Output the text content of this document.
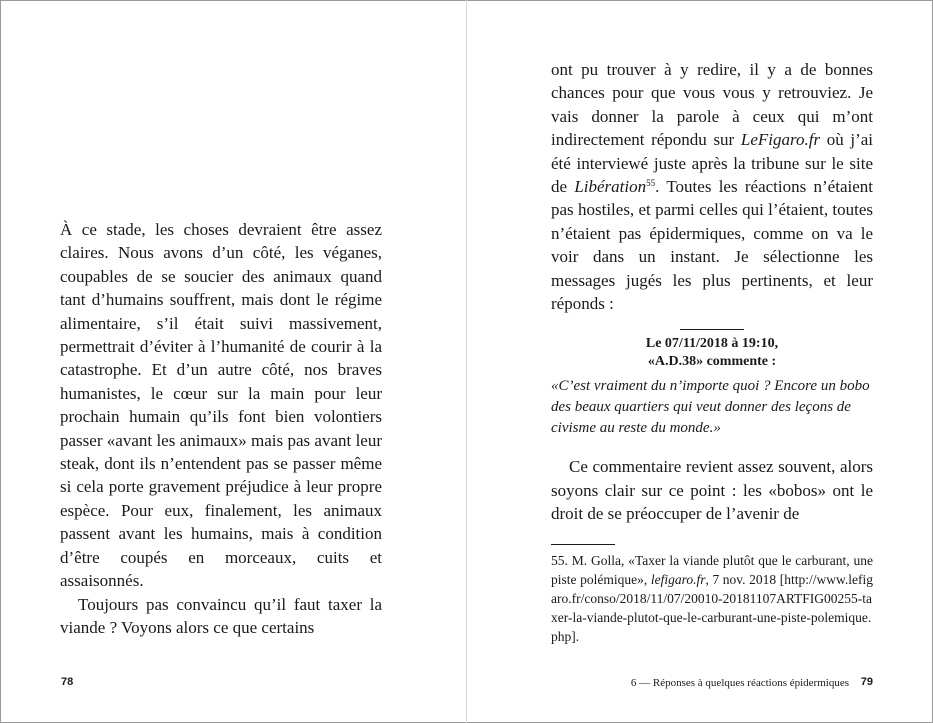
À ce stade, les choses devraient être assez claires. Nous avons d’un côté, les véganes, coupables de se soucier des animaux quand tant d’humains souffrent, mais dont le régime alimentaire, s’il était suivi massivement, permettrait d’éviter à l’humanité de courir à la catastrophe. Et d’un autre côté, nos braves humanistes, le cœur sur la main pour leur prochain humain qu’ils font bien volontiers passer «avant les animaux» mais pas avant leur steak, dont ils n’entendent pas se passer même si cela porte gravement préjudice à leur propre espèce. Pour eux, finalement, les animaux passent avant les humains, mais à condition d’être coupés en morceaux, cuits et assaisonnés.

Toujours pas convaincu qu’il faut taxer la viande ? Voyons alors ce que certains

ont pu trouver à y redire, il y a de bonnes chances pour que vous vous y retrouviez. Je vais donner la parole à ceux qui m’ont indirectement répondu sur LeFigaro.fr où j’ai été interviewé juste après la tribune sur le site de Libération$^{55}$. Toutes les réactions n’étaient pas hostiles, et parmi celles qui l’étaient, toutes n’étaient pas épidermiques, comme on va le voir dans un instant. Je sélectionne les messages jugés les plus pertinents, et leur réponds :

Le 07/11/2018 à 19:10,
«A.D.38» commente :

«C’est vraiment du n’importe quoi ? Encore un bobo des beaux quartiers qui veut donner des leçons de civisme au reste du monde.»

Ce commentaire revient assez souvent, alors soyons clair sur ce point : les «bobos» ont le droit de se préoccuper de l’avenir de

55. M. Golla, «Taxer la viande plutôt que le carburant, une piste polémique», lefigaro.fr, 7 nov. 2018 [http://www.lefigaro.fr/conso/2018/11/07/20010-20181107ARTFIG00255-taxer-la-viande-plutot-que-le-carburant-une-piste-polemique.php].
78	6 — Réponses à quelques réactions épidermiques 79
